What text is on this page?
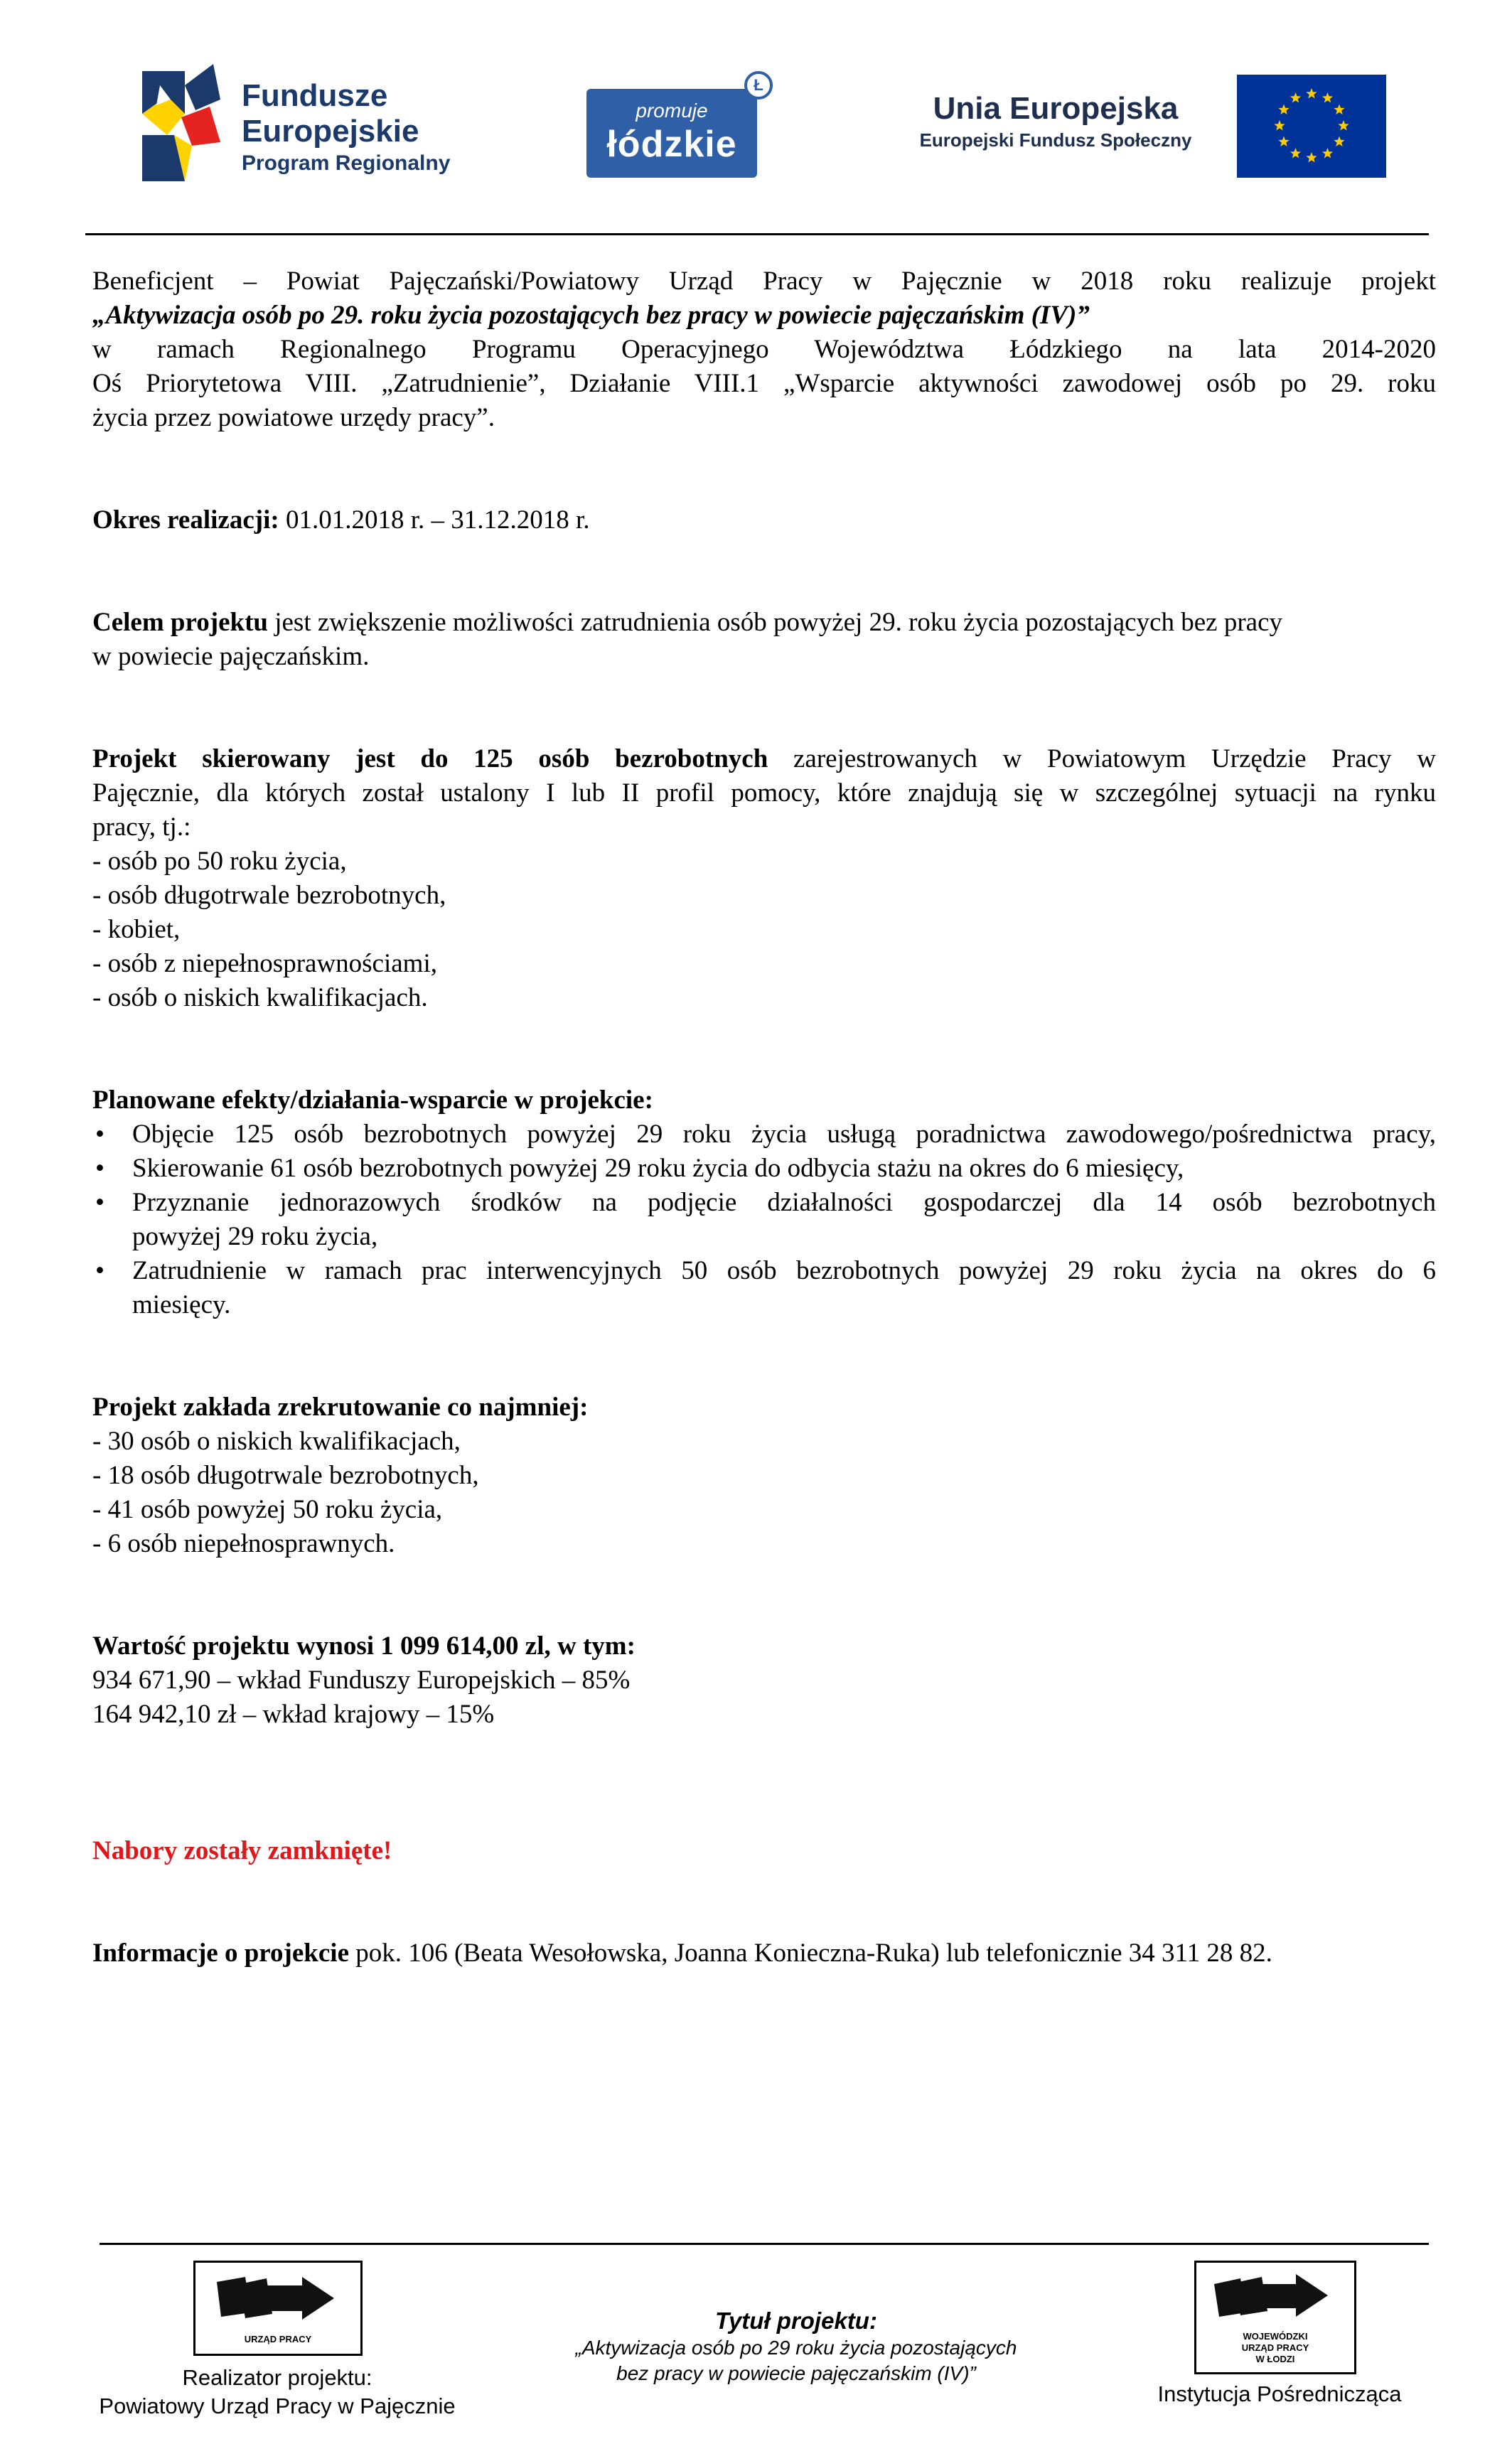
Fundusze
Europejskie
Program Regionalny
promuje
łódzkie
Ł
Unia Europejska
Europejski Fundusz Społeczny

Beneficjent – Powiat Pajęczański/Powiatowy Urząd Pracy w Pajęcznie w 2018 roku realizuje projekt

„Aktywizacja osób po 29. roku życia pozostających bez pracy w powiecie pajęczańskim (IV)”

w ramach Regionalnego Programu Operacyjnego Województwa Łódzkiego na lata 2014-2020

Oś Priorytetowa VIII. „Zatrudnienie”, Działanie VIII.1 „Wsparcie aktywności zawodowej osób po 29. roku

życia przez powiatowe urzędy pracy”.

Okres realizacji: 01.01.2018 r. – 31.12.2018 r.

Celem projektu jest zwiększenie możliwości zatrudnienia osób powyżej 29. roku życia pozostających bez pracy

w powiecie pajęczańskim.

Projekt skierowany jest do 125 osób bezrobotnych zarejestrowanych w Powiatowym Urzędzie Pracy w

Pajęcznie, dla których został ustalony I lub II profil pomocy, które znajdują się w szczególnej sytuacji na rynku

pracy, tj.:

- osób po 50 roku życia,

- osób długotrwale bezrobotnych,

- kobiet,

- osób z niepełnosprawnościami,

- osób o niskich kwalifikacjach.

Planowane efekty/działania-wsparcie w projekcie:

• Objęcie 125 osób bezrobotnych powyżej 29 roku życia usługą poradnictwa zawodowego/pośrednictwa pracy,
• Skierowanie 61 osób bezrobotnych powyżej 29 roku życia do odbycia stażu na okres do 6 miesięcy,
• Przyznanie jednorazowych środków na podjęcie działalności gospodarczej dla 14 osób bezrobotnych
powyżej 29 roku życia,
• Zatrudnienie w ramach prac interwencyjnych 50 osób bezrobotnych powyżej 29 roku życia na okres do 6
miesięcy.

Projekt zakłada zrekrutowanie co najmniej:

- 30 osób o niskich kwalifikacjach,

- 18 osób długotrwale bezrobotnych,

- 41 osób powyżej 50 roku życia,

- 6 osób niepełnosprawnych.

Wartość projektu wynosi 1 099 614,00 zl, w tym:

934 671,90 – wkład Funduszy Europejskich – 85%

164 942,10 zł – wkład krajowy – 15%

Nabory zostały zamknięte!

Informacje o projekcie pok. 106 (Beata Wesołowska, Joanna Konieczna-Ruka) lub telefonicznie 34 311 28 82.

URZĄD PRACY
Realizator projektu:
Powiatowy Urząd Pracy w Pajęcznie
Tytuł projektu:
„Aktywizacja osób po 29 roku życia pozostających
bez pracy w powiecie pajęczańskim (IV)”
WOJEWÓDZKI
URZĄD PRACY
W ŁODZI
Instytucja Pośrednicząca
